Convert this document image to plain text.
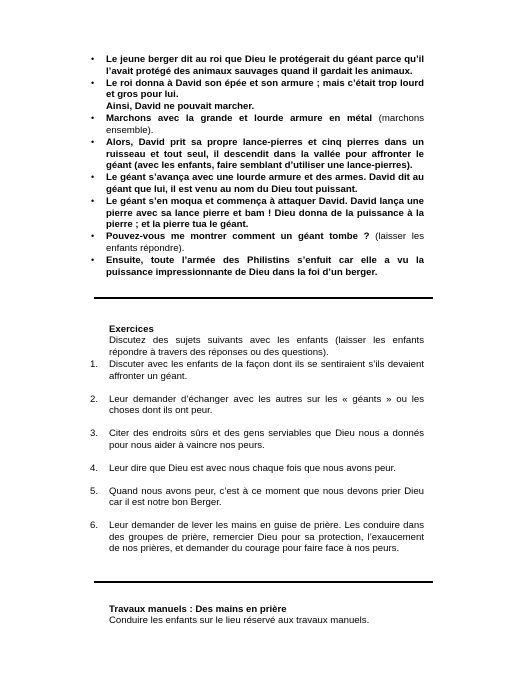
• Le jeune berger dit au roi que Dieu le protégerait du géant parce qu’il l’avait protégé des animaux sauvages quand il gardait les animaux.
• Le roi donna à David son épée et son armure ; mais c’était trop lourd et gros pour lui.
Ainsi, David ne pouvait marcher.
• Marchons avec la grande et lourde armure en métal (marchons ensemble).
• Alors, David prit sa propre lance-pierres et cinq pierres dans un ruisseau et tout seul, il descendit dans la vallée pour affronter le géant (avec les enfants, faire semblant d’utiliser une lance-pierres).
• Le géant s’avança avec une lourde armure et des armes. David dit au géant que lui, il est venu au nom du Dieu tout puissant.
• Le géant s’en moqua et commença à attaquer David. David lança une pierre avec sa lance pierre et bam ! Dieu donna de la puissance à la pierre ; et la pierre tua le géant.
• Pouvez-vous me montrer comment un géant tombe ? (laisser les enfants répondre).
• Ensuite, toute l’armée des Philistins s’enfuit car elle a vu la puissance impressionnante de Dieu dans la foi d’un berger.
Exercices
Discutez des sujets suivants avec les enfants (laisser les enfants répondre à travers des réponses ou des questions).
1. Discuter avec les enfants de la façon dont ils se sentiraient s’ils devaient affronter un géant.
2. Leur demander d’échanger avec les autres sur les « géants » ou les choses dont ils ont peur.
3. Citer des endroits sûrs et des gens serviables que Dieu nous a donnés pour nous aider à vaincre nos peurs.
4. Leur dire que Dieu est avec nous chaque fois que nous avons peur.
5. Quand nous avons peur, c’est à ce moment que nous devons prier Dieu car il est notre bon Berger.
6. Leur demander de lever les mains en guise de prière. Les conduire dans des groupes de prière, remercier Dieu pour sa protection, l’exaucement de nos prières, et demander du courage pour faire face à nos peurs.
Travaux manuels : Des mains en prière
Conduire les enfants sur le lieu réservé aux travaux manuels.
